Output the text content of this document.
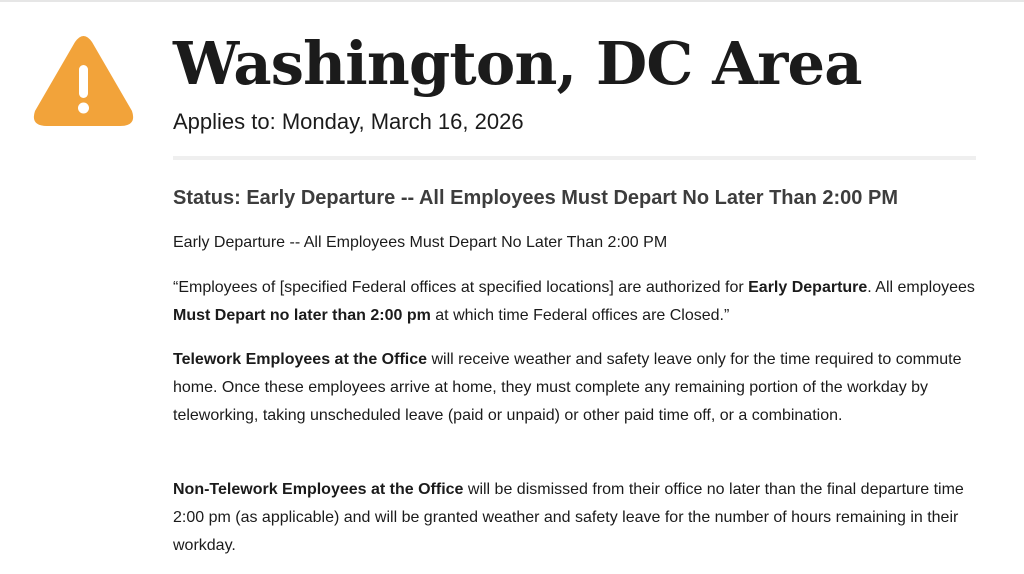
Washington, DC Area

Applies to: Monday, March 16, 2026

Status: Early Departure -- All Employees Must Depart No Later Than 2:00 PM

Early Departure -- All Employees Must Depart No Later Than 2:00 PM

“Employees of [specified Federal offices at specified locations] are authorized for Early Departure. All employees Must Depart no later than 2:00 pm at which time Federal offices are Closed.”

Telework Employees at the Office will receive weather and safety leave only for the time required to commute home. Once these employees arrive at home, they must complete any remaining portion of the workday by teleworking, taking unscheduled leave (paid or unpaid) or other paid time off, or a combination.

Non-Telework Employees at the Office will be dismissed from their office no later than the final departure time 2:00 pm (as applicable) and will be granted weather and safety leave for the number of hours remaining in their workday.
